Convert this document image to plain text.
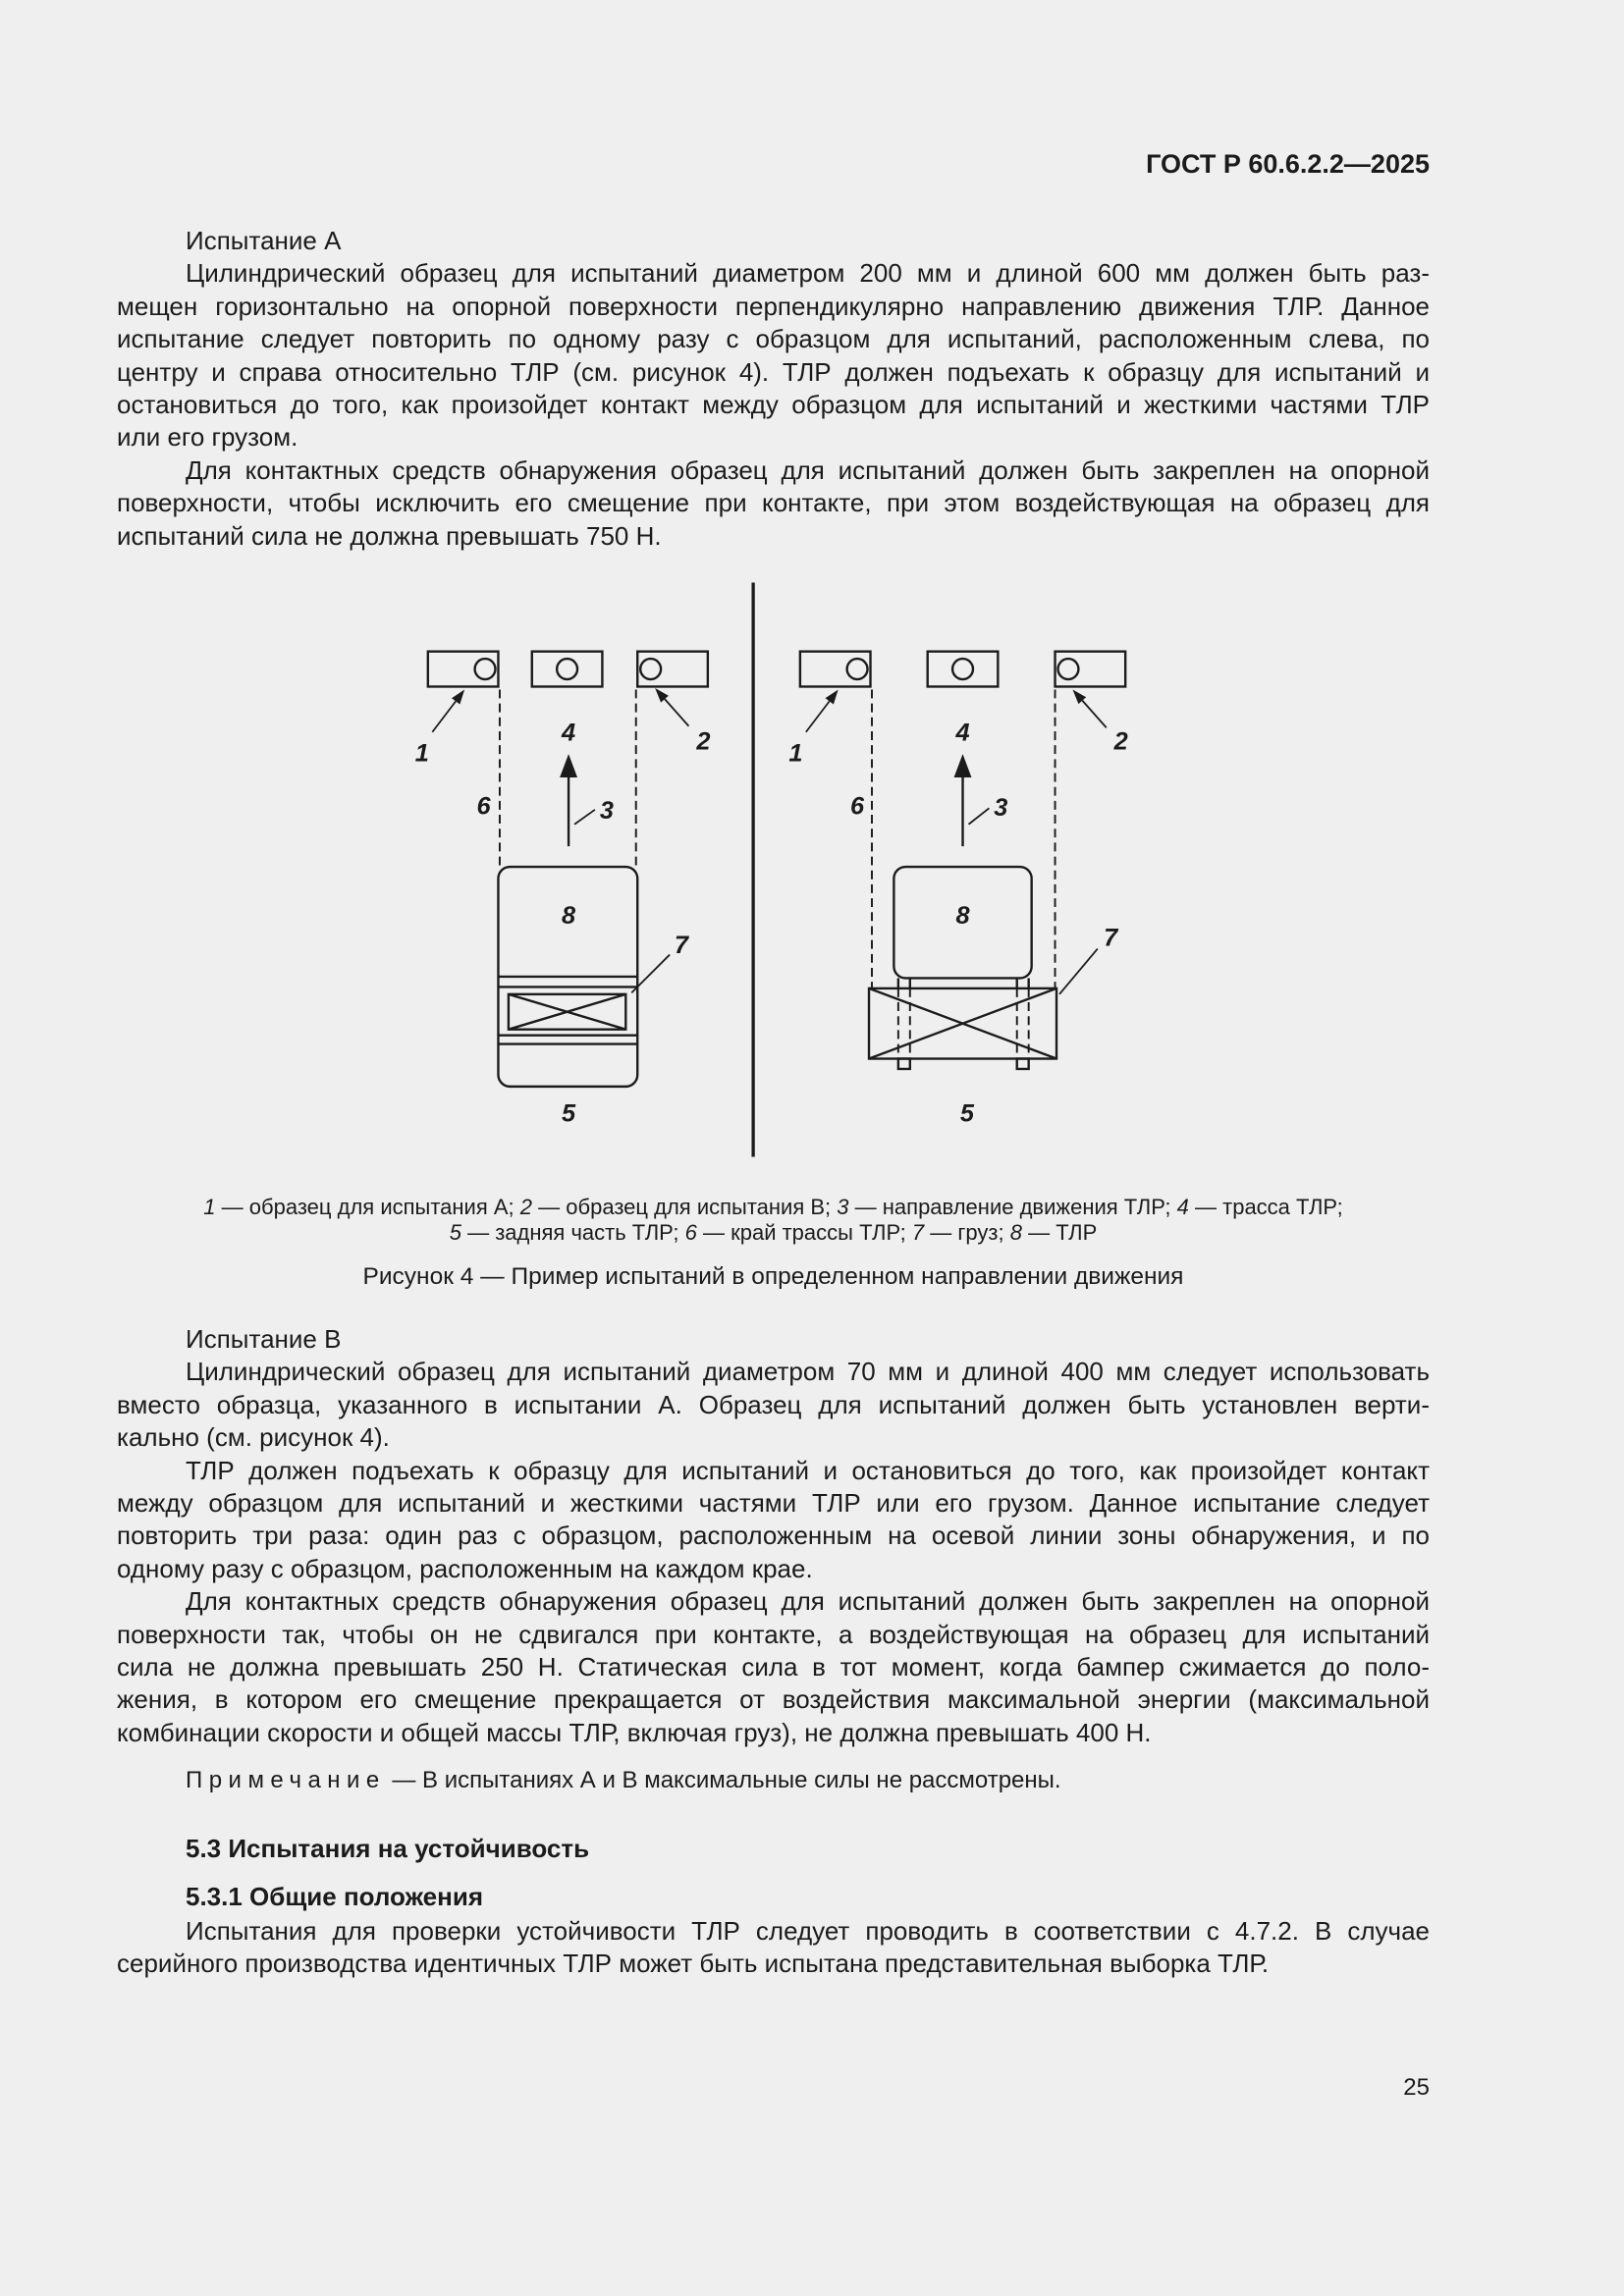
ГОСТ Р 60.6.2.2—2025
Испытание А
Цилиндрический образец для испытаний диаметром 200 мм и длиной 600 мм должен быть раз-
мещен горизонтально на опорной поверхности перпендикулярно направлению движения ТЛР. Данное
испытание следует повторить по одному разу с образцом для испытаний, расположенным слева, по
центру и справа относительно ТЛР (см. рисунок 4). ТЛР должен подъехать к образцу для испытаний и
остановиться до того, как произойдет контакт между образцом для испытаний и жесткими частями ТЛР
или его грузом.
Для контактных средств обнаружения образец для испытаний должен быть закреплен на опорной
поверхности, чтобы исключить его смещение при контакте, при этом воздействующая на образец для
испытаний сила не должна превышать 750 Н.
1	2
3
4
5
6
7
8
1	2
3
4
5
6
7
8
1 — образец для испытания А; 2 — образец для испытания В; 3 — направление движения ТЛР; 4 — трасса ТЛР;
5 — задняя часть ТЛР; 6 — край трассы ТЛР; 7 — груз; 8 — ТЛР
Рисунок 4 — Пример испытаний в определенном направлении движения
Испытание В
Цилиндрический образец для испытаний диаметром 70 мм и длиной 400 мм следует использовать
вместо образца, указанного в испытании А. Образец для испытаний должен быть установлен верти-
кально (см. рисунок 4).
ТЛР должен подъехать к образцу для испытаний и остановиться до того, как произойдет контакт
между образцом для испытаний и жесткими частями ТЛР или его грузом. Данное испытание следует
повторить три раза: один раз с образцом, расположенным на осевой линии зоны обнаружения, и по
одному разу с образцом, расположенным на каждом крае.
Для контактных средств обнаружения образец для испытаний должен быть закреплен на опорной
поверхности так, чтобы он не сдвигался при контакте, а воздействующая на образец для испытаний
сила не должна превышать 250 Н. Статическая сила в тот момент, когда бампер сжимается до поло-
жения, в котором его смещение прекращается от воздействия максимальной энергии (максимальной
комбинации скорости и общей массы ТЛР, включая груз), не должна превышать 400 Н.
Примечание — В испытаниях А и В максимальные силы не рассмотрены.
5.3 Испытания на устойчивость
5.3.1 Общие положения
Испытания для проверки устойчивости ТЛР следует проводить в соответствии с 4.7.2. В случае
серийного производства идентичных ТЛР может быть испытана представительная выборка ТЛР.
25
